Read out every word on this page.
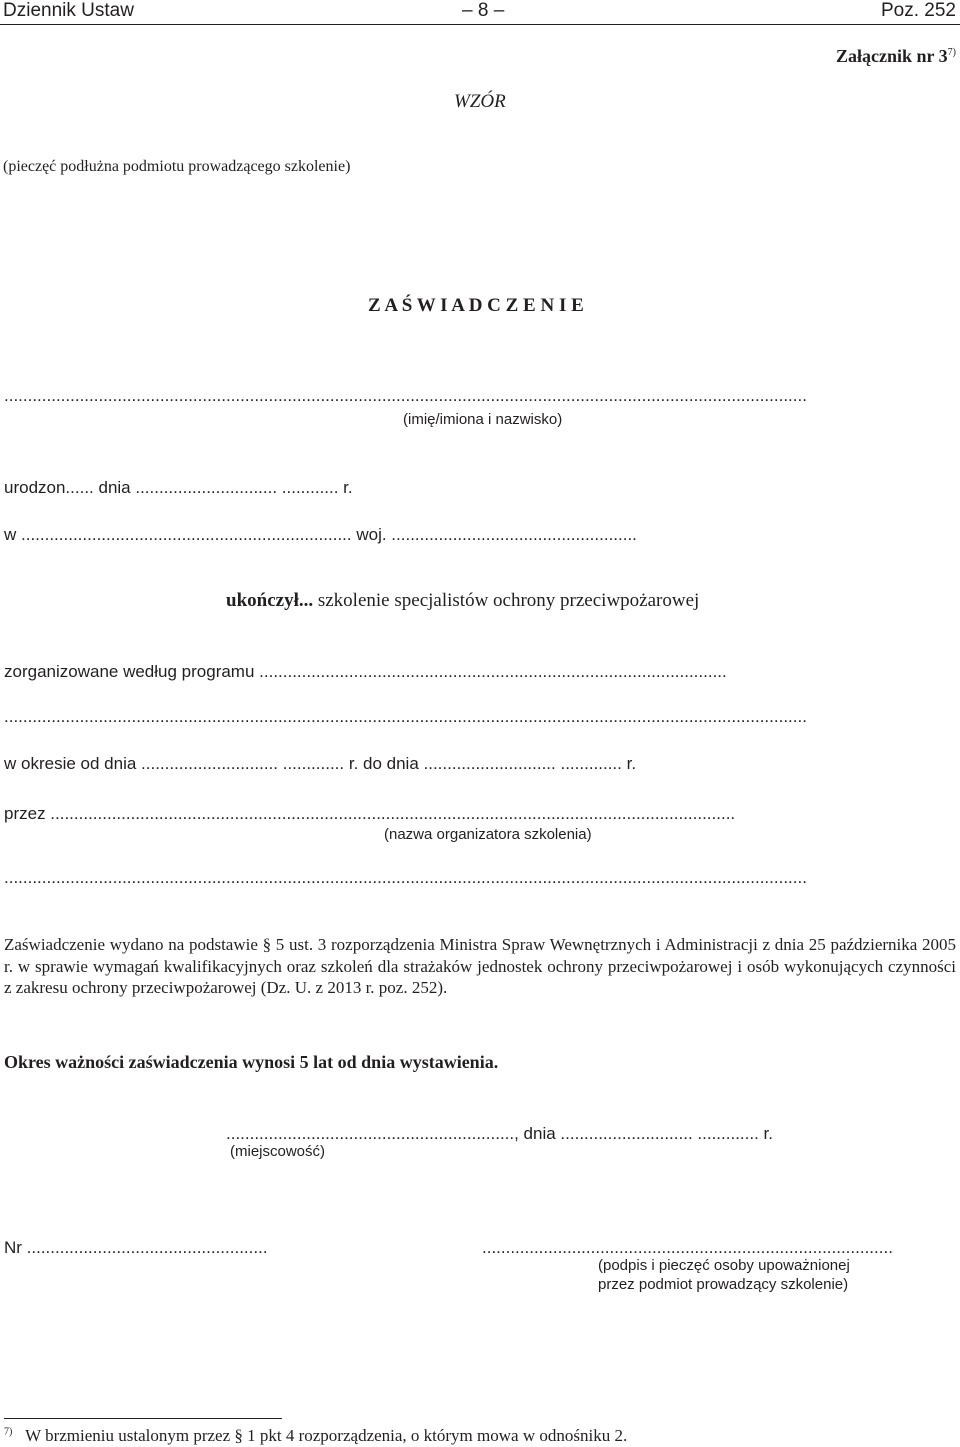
Dziennik Ustaw	– 8 –	Poz. 252
Załącznik nr 3$^{7)}$
WZÓR
(pieczęć podłużna podmiotu prowadzącego szkolenie)
Z A Ś W I A D C Z E N I E
..........................................................................................................................................................................
(imię/imiona i nazwisko)
urodzon...... dnia .............................. ............ r.
w ...................................................................... woj. ....................................................
ukończył... szkolenie specjalistów ochrony przeciwpożarowej
zorganizowane według programu ...................................................................................................
..........................................................................................................................................................................
w okresie od dnia ............................. ............. r. do dnia ............................ ............. r.
przez .................................................................................................................................................
(nazwa organizatora szkolenia)
..........................................................................................................................................................................
Zaświadczenie wydano na podstawie § 5 ust. 3 rozporządzenia Ministra Spraw Wewnętrznych i Administracji z dnia 25 października 2005 r. w sprawie wymagań kwalifikacyjnych oraz szkoleń dla strażaków jednostek ochrony przeciwpożarowej i osób wykonujących czynności z zakresu ochrony przeciwpożarowej (Dz. U. z 2013 r. poz. 252).
Okres ważności zaświadczenia wynosi 5 lat od dnia wystawienia.
............................................................., dnia ............................ ............. r.
(miejscowość)
Nr ...................................................	.......................................................................................
(podpis i pieczęć osoby upoważnionej
przez podmiot prowadzący szkolenie)
$^{7)}$ W brzmieniu ustalonym przez § 1 pkt 4 rozporządzenia, o którym mowa w odnośniku 2.
